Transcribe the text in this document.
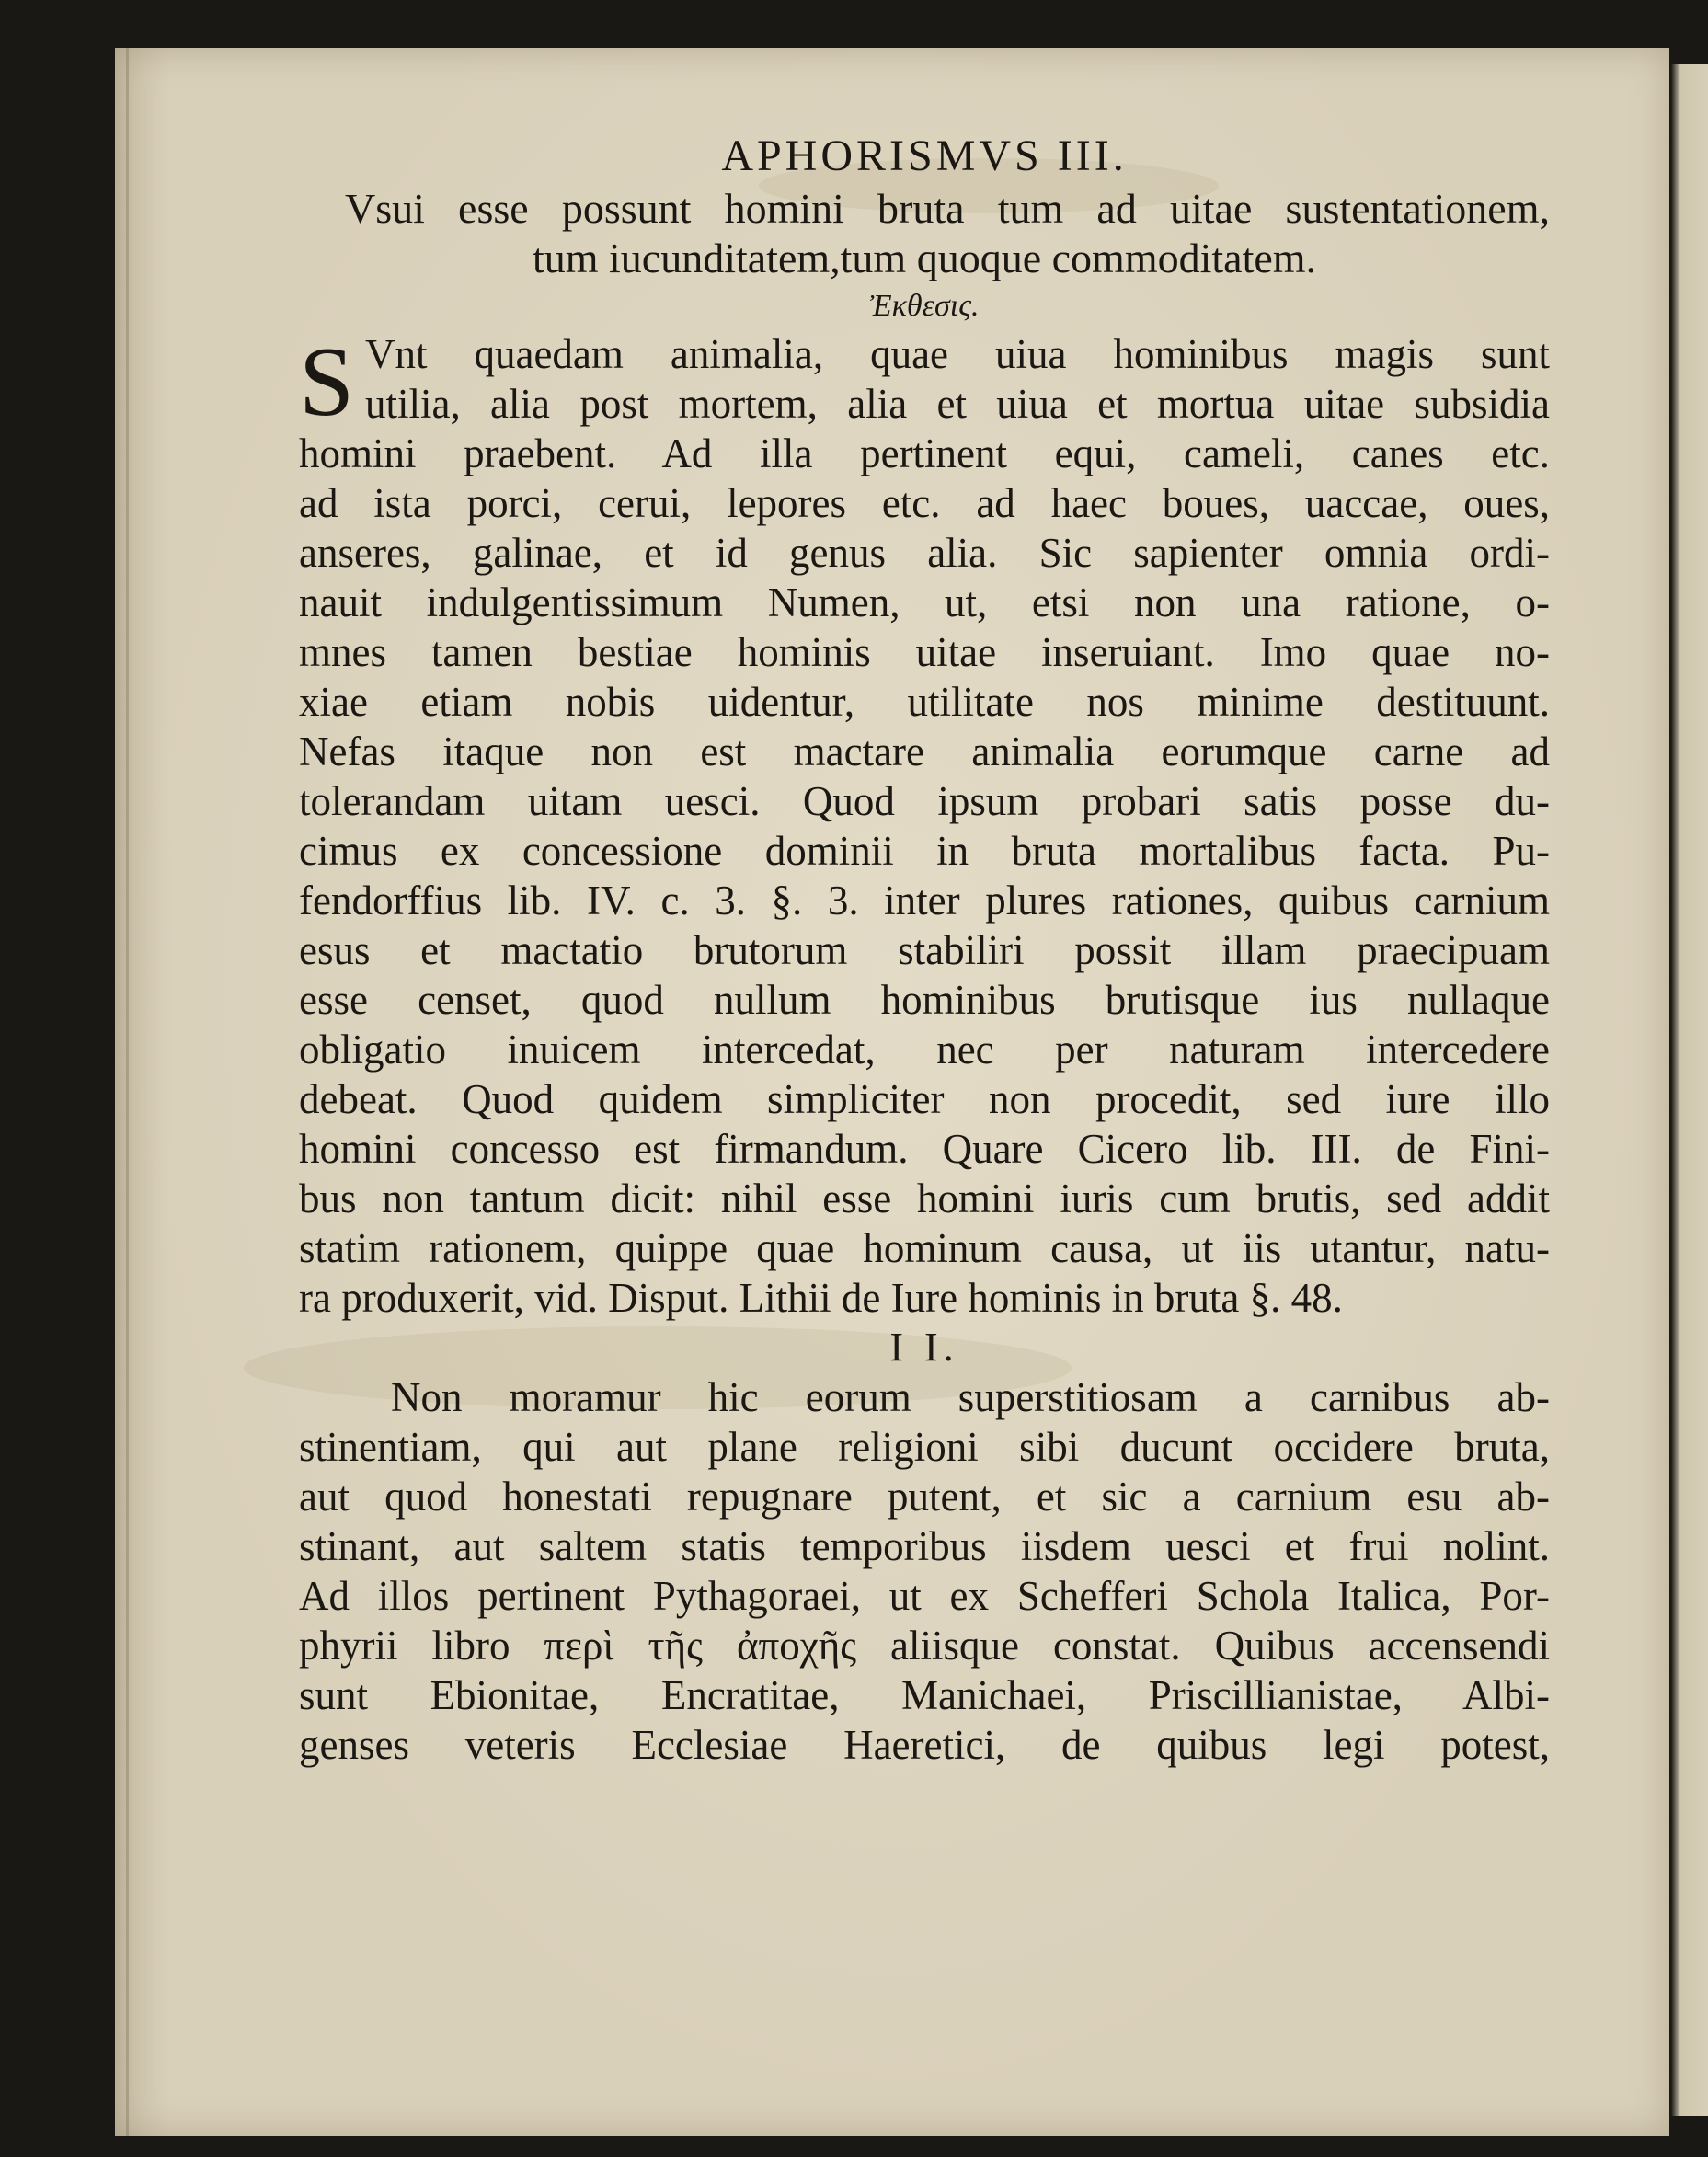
APHORISMVS III.
Vsui esse possunt homini bruta tum ad uitae sustentationem,
tum iucunditatem,tum quoque commoditatem.
Ἐκθεσις.
S Vnt quaedam animalia, quae uiua hominibus magis sunt
utilia, alia post mortem, alia et uiua et mortua uitae subsidia
homini praebent. Ad illa pertinent equi, cameli, canes etc.
ad ista porci, cerui, lepores etc. ad haec boues, uaccae, oues,
anseres, galinae, et id genus alia. Sic sapienter omnia ordi-
nauit indulgentissimum Numen, ut, etsi non una ratione, o-
mnes tamen bestiae hominis uitae inseruiant. Imo quae no-
xiae etiam nobis uidentur, utilitate nos minime destituunt.
Nefas itaque non est mactare animalia eorumque carne ad
tolerandam uitam uesci. Quod ipsum probari satis posse du-
cimus ex concessione dominii in bruta mortalibus facta. Pu-
fendorffius lib. IV. c. 3. §. 3. inter plures rationes, quibus carnium
esus et mactatio brutorum stabiliri possit illam praecipuam
esse censet, quod nullum hominibus brutisque ius nullaque
obligatio inuicem intercedat, nec per naturam intercedere
debeat. Quod quidem simpliciter non procedit, sed iure illo
homini concesso est firmandum. Quare Cicero lib. III. de Fini-
bus non tantum dicit: nihil esse homini iuris cum brutis, sed addit
statim rationem, quippe quae hominum causa, ut iis utantur, natu-
ra produxerit, vid. Disput. Lithii de Iure hominis in bruta §. 48.
I I.
Non moramur hic eorum superstitiosam a carnibus ab-
stinentiam, qui aut plane religioni sibi ducunt occidere bruta,
aut quod honestati repugnare putent, et sic a carnium esu ab-
stinant, aut saltem statis temporibus iisdem uesci et frui nolint.
Ad illos pertinent Pythagoraei, ut ex Schefferi Schola Italica, Por-
phyrii libro περὶ τῆς ἀποχῆς aliisque constat. Quibus accensendi
sunt Ebionitae, Encratitae, Manichaei, Priscillianistae, Albi-
genses veteris Ecclesiae Haeretici, de quibus legi potest,
